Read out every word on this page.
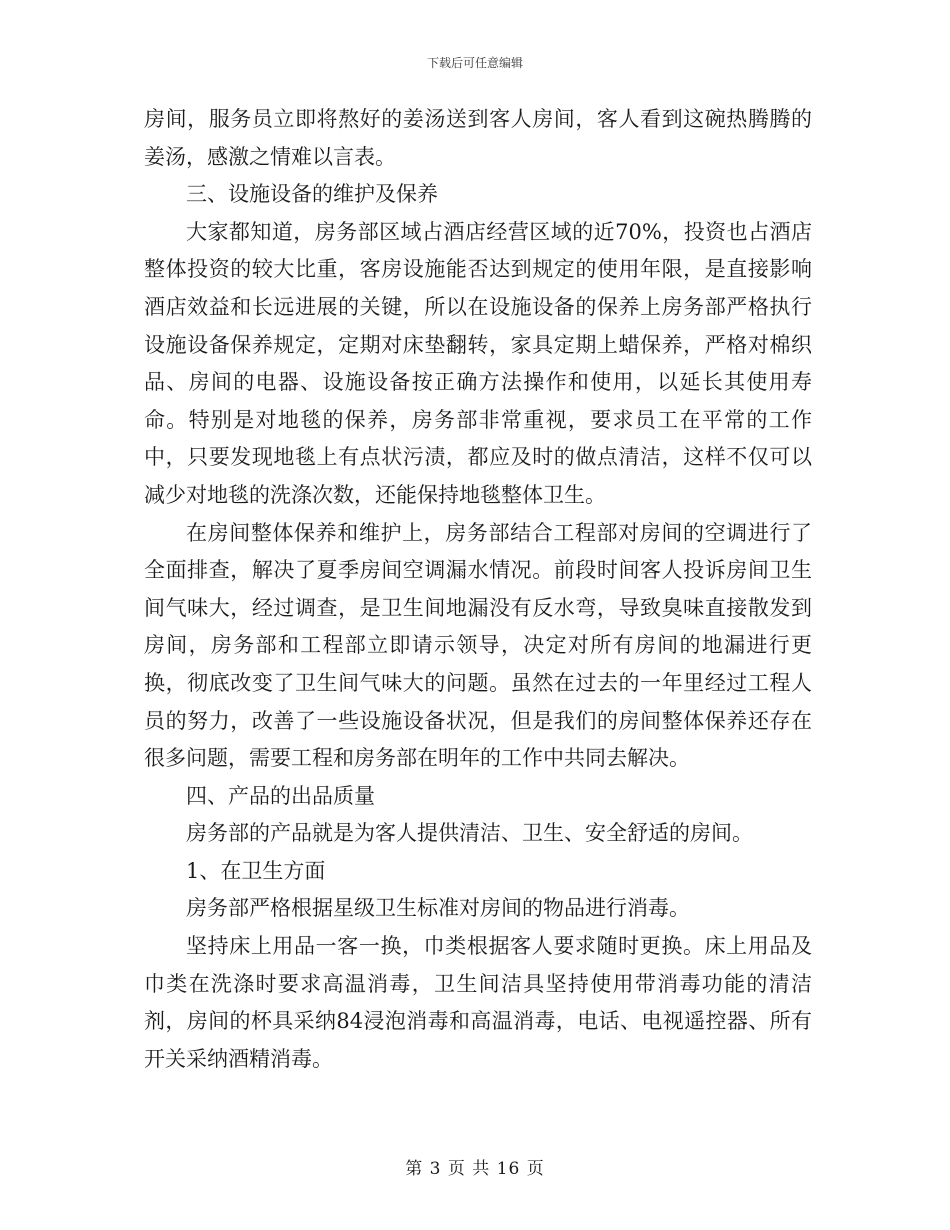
下载后可任意编辑

房间，服务员立即将熬好的姜汤送到客人房间，客人看到这碗热腾腾的姜汤，感激之情难以言表。

三、设施设备的维护及保养

大家都知道，房务部区域占酒店经营区域的近70%，投资也占酒店整体投资的较大比重，客房设施能否达到规定的使用年限，是直接影响酒店效益和长远进展的关键，所以在设施设备的保养上房务部严格执行设施设备保养规定，定期对床垫翻转，家具定期上蜡保养，严格对棉织品、房间的电器、设施设备按正确方法操作和使用，以延长其使用寿命。特别是对地毯的保养，房务部非常重视，要求员工在平常的工作中，只要发现地毯上有点状污渍，都应及时的做点清洁，这样不仅可以减少对地毯的洗涤次数，还能保持地毯整体卫生。

在房间整体保养和维护上，房务部结合工程部对房间的空调进行了全面排查，解决了夏季房间空调漏水情况。前段时间客人投诉房间卫生间气味大，经过调查，是卫生间地漏没有反水弯，导致臭味直接散发到房间，房务部和工程部立即请示领导，决定对所有房间的地漏进行更换，彻底改变了卫生间气味大的问题。虽然在过去的一年里经过工程人员的努力，改善了一些设施设备状况，但是我们的房间整体保养还存在很多问题，需要工程和房务部在明年的工作中共同去解决。

四、产品的出品质量

房务部的产品就是为客人提供清洁、卫生、安全舒适的房间。

1、在卫生方面

房务部严格根据星级卫生标准对房间的物品进行消毒。

坚持床上用品一客一换，巾类根据客人要求随时更换。床上用品及巾类在洗涤时要求高温消毒，卫生间洁具坚持使用带消毒功能的清洁剂，房间的杯具采纳84浸泡消毒和高温消毒，电话、电视遥控器、所有开关采纳酒精消毒。

第 3 页 共 16 页
